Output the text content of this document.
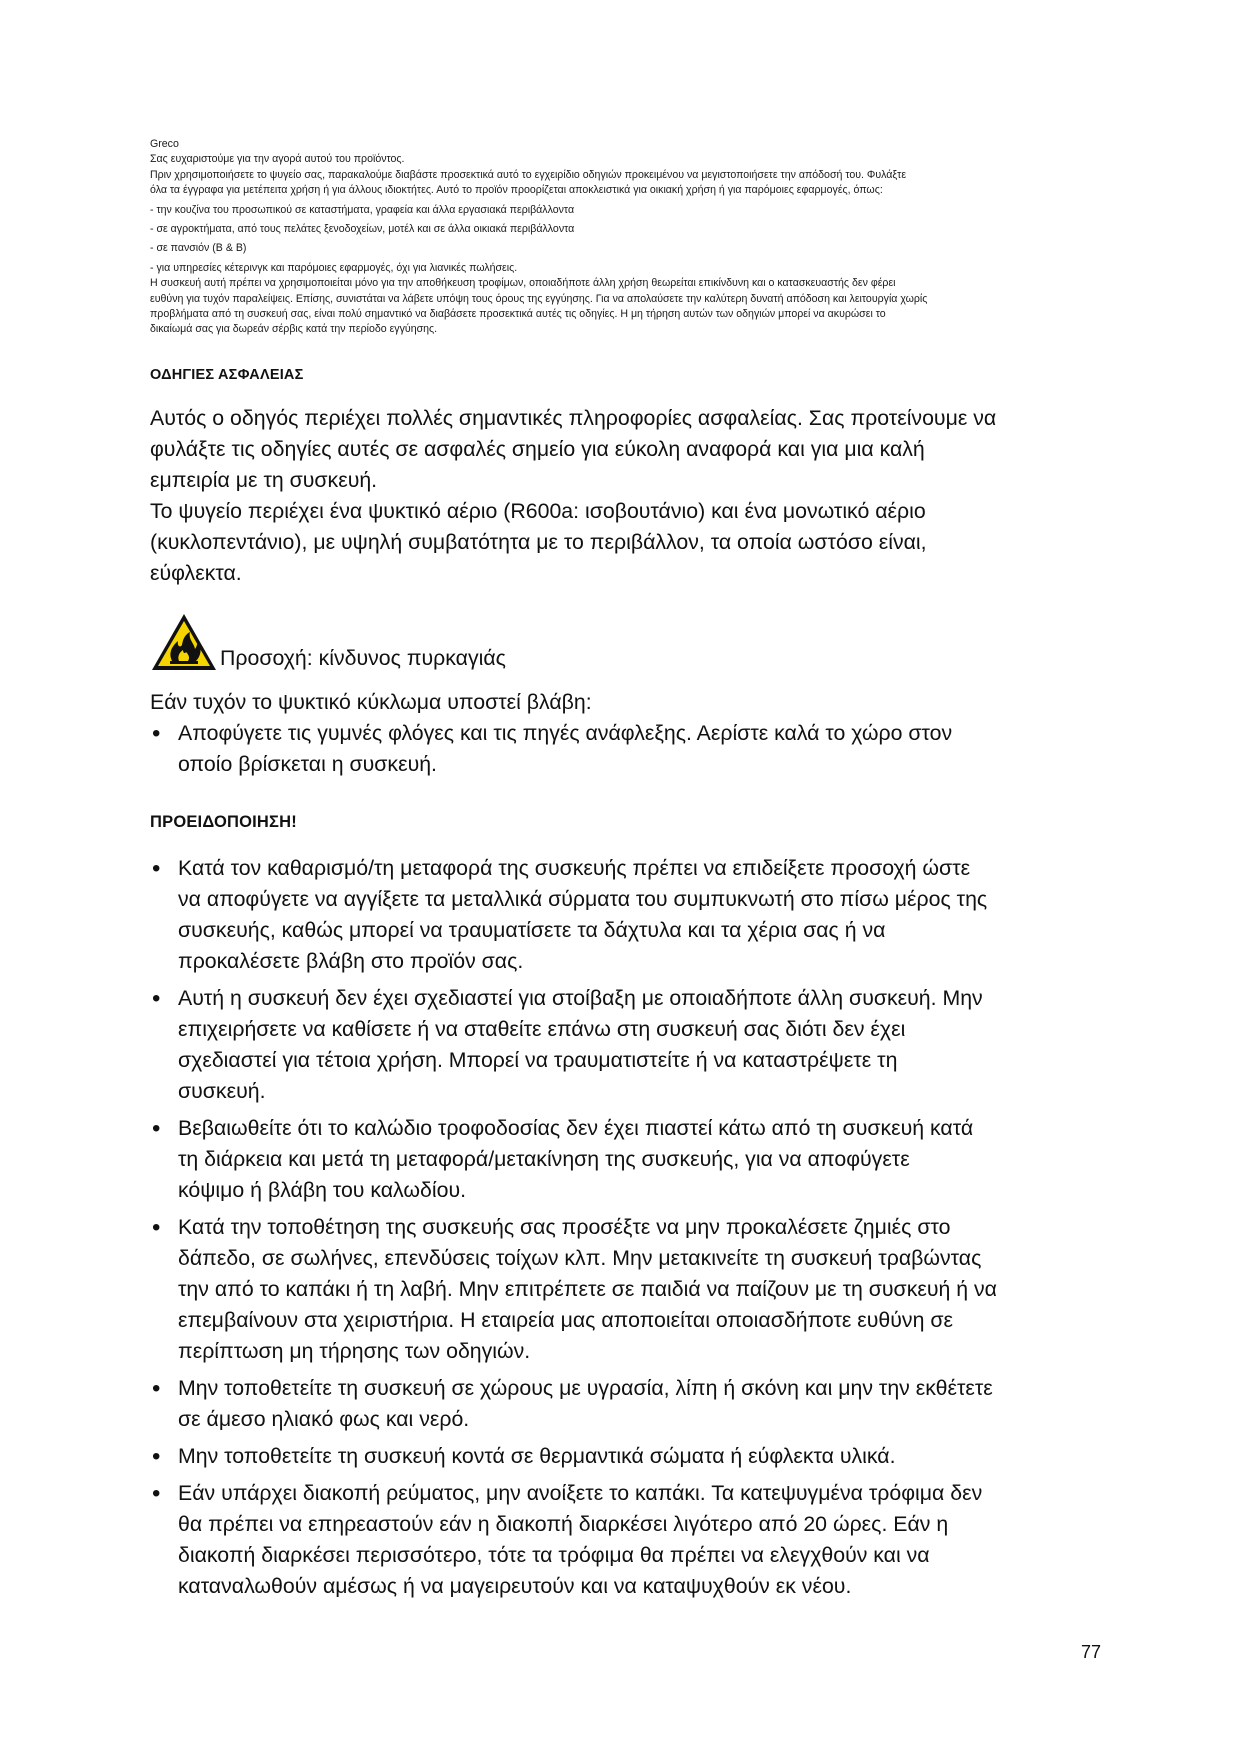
Greco
Σας ευχαριστούμε για την αγορά αυτού του προϊόντος.
Πριν χρησιμοποιήσετε το ψυγείο σας, παρακαλούμε διαβάστε προσεκτικά αυτό το εγχειρίδιο οδηγιών προκειμένου να μεγιστοποιήσετε την απόδοσή του. Φυλάξτε
όλα τα έγγραφα για μετέπειτα χρήση ή για άλλους ιδιοκτήτες. Αυτό το προϊόν προορίζεται αποκλειστικά για οικιακή χρήση ή για παρόμοιες εφαρμογές, όπως:
- την κουζίνα του προσωπικού σε καταστήματα, γραφεία και άλλα εργασιακά περιβάλλοντα
- σε αγροκτήματα, από τους πελάτες ξενοδοχείων, μοτέλ και σε άλλα οικιακά περιβάλλοντα
- σε πανσιόν (B & B)
- για υπηρεσίες κέτερινγκ και παρόμοιες εφαρμογές, όχι για λιανικές πωλήσεις.
Η συσκευή αυτή πρέπει να χρησιμοποιείται μόνο για την αποθήκευση τροφίμων, οποιαδήποτε άλλη χρήση θεωρείται επικίνδυνη και ο κατασκευαστής δεν φέρει
ευθύνη για τυχόν παραλείψεις. Επίσης, συνιστάται να λάβετε υπόψη τους όρους της εγγύησης. Για να απολαύσετε την καλύτερη δυνατή απόδοση και λειτουργία χωρίς
προβλήματα από τη συσκευή σας, είναι πολύ σημαντικό να διαβάσετε προσεκτικά αυτές τις οδηγίες. Η μη τήρηση αυτών των οδηγιών μπορεί να ακυρώσει το
δικαίωμά σας για δωρεάν σέρβις κατά την περίοδο εγγύησης.
ΟΔΗΓΙΕΣ ΑΣΦΑΛΕΙΑΣ
Αυτός ο οδηγός περιέχει πολλές σημαντικές πληροφορίες ασφαλείας. Σας προτείνουμε να
φυλάξτε τις οδηγίες αυτές σε ασφαλές σημείο για εύκολη αναφορά και για μια καλή
εμπειρία με τη συσκευή.
Το ψυγείο περιέχει ένα ψυκτικό αέριο (R600a: ισοβουτάνιο) και ένα μονωτικό αέριο
(κυκλοπεντάνιο), με υψηλή συμβατότητα με το περιβάλλον, τα οποία ωστόσο είναι,
εύφλεκτα.
Προσοχή: κίνδυνος πυρκαγιάς
Εάν τυχόν το ψυκτικό κύκλωμα υποστεί βλάβη:
• Αποφύγετε τις γυμνές φλόγες και τις πηγές ανάφλεξης. Αερίστε καλά το χώρο στον
οποίο βρίσκεται η συσκευή.
ΠΡΟΕΙΔΟΠΟΙΗΣΗ!
• Κατά τον καθαρισμό/τη μεταφορά της συσκευής πρέπει να επιδείξετε προσοχή ώστε
να αποφύγετε να αγγίξετε τα μεταλλικά σύρματα του συμπυκνωτή στο πίσω μέρος της
συσκευής, καθώς μπορεί να τραυματίσετε τα δάχτυλα και τα χέρια σας ή να
προκαλέσετε βλάβη στο προϊόν σας.
• Αυτή η συσκευή δεν έχει σχεδιαστεί για στοίβαξη με οποιαδήποτε άλλη συσκευή. Μην
επιχειρήσετε να καθίσετε ή να σταθείτε επάνω στη συσκευή σας διότι δεν έχει
σχεδιαστεί για τέτοια χρήση. Μπορεί να τραυματιστείτε ή να καταστρέψετε τη
συσκευή.
• Βεβαιωθείτε ότι το καλώδιο τροφοδοσίας δεν έχει πιαστεί κάτω από τη συσκευή κατά
τη διάρκεια και μετά τη μεταφορά/μετακίνηση της συσκευής, για να αποφύγετε
κόψιμο ή βλάβη του καλωδίου.
• Κατά την τοποθέτηση της συσκευής σας προσέξτε να μην προκαλέσετε ζημιές στο
δάπεδο, σε σωλήνες, επενδύσεις τοίχων κλπ. Μην μετακινείτε τη συσκευή τραβώντας
την από το καπάκι ή τη λαβή. Μην επιτρέπετε σε παιδιά να παίζουν με τη συσκευή ή να
επεμβαίνουν στα χειριστήρια. Η εταιρεία μας αποποιείται οποιασδήποτε ευθύνη σε
περίπτωση μη τήρησης των οδηγιών.
• Μην τοποθετείτε τη συσκευή σε χώρους με υγρασία, λίπη ή σκόνη και μην την εκθέτετε
σε άμεσο ηλιακό φως και νερό.
• Μην τοποθετείτε τη συσκευή κοντά σε θερμαντικά σώματα ή εύφλεκτα υλικά.
• Εάν υπάρχει διακοπή ρεύματος, μην ανοίξετε το καπάκι. Τα κατεψυγμένα τρόφιμα δεν
θα πρέπει να επηρεαστούν εάν η διακοπή διαρκέσει λιγότερο από 20 ώρες. Εάν η
διακοπή διαρκέσει περισσότερο, τότε τα τρόφιμα θα πρέπει να ελεγχθούν και να
καταναλωθούν αμέσως ή να μαγειρευτούν και να καταψυχθούν εκ νέου.
77
